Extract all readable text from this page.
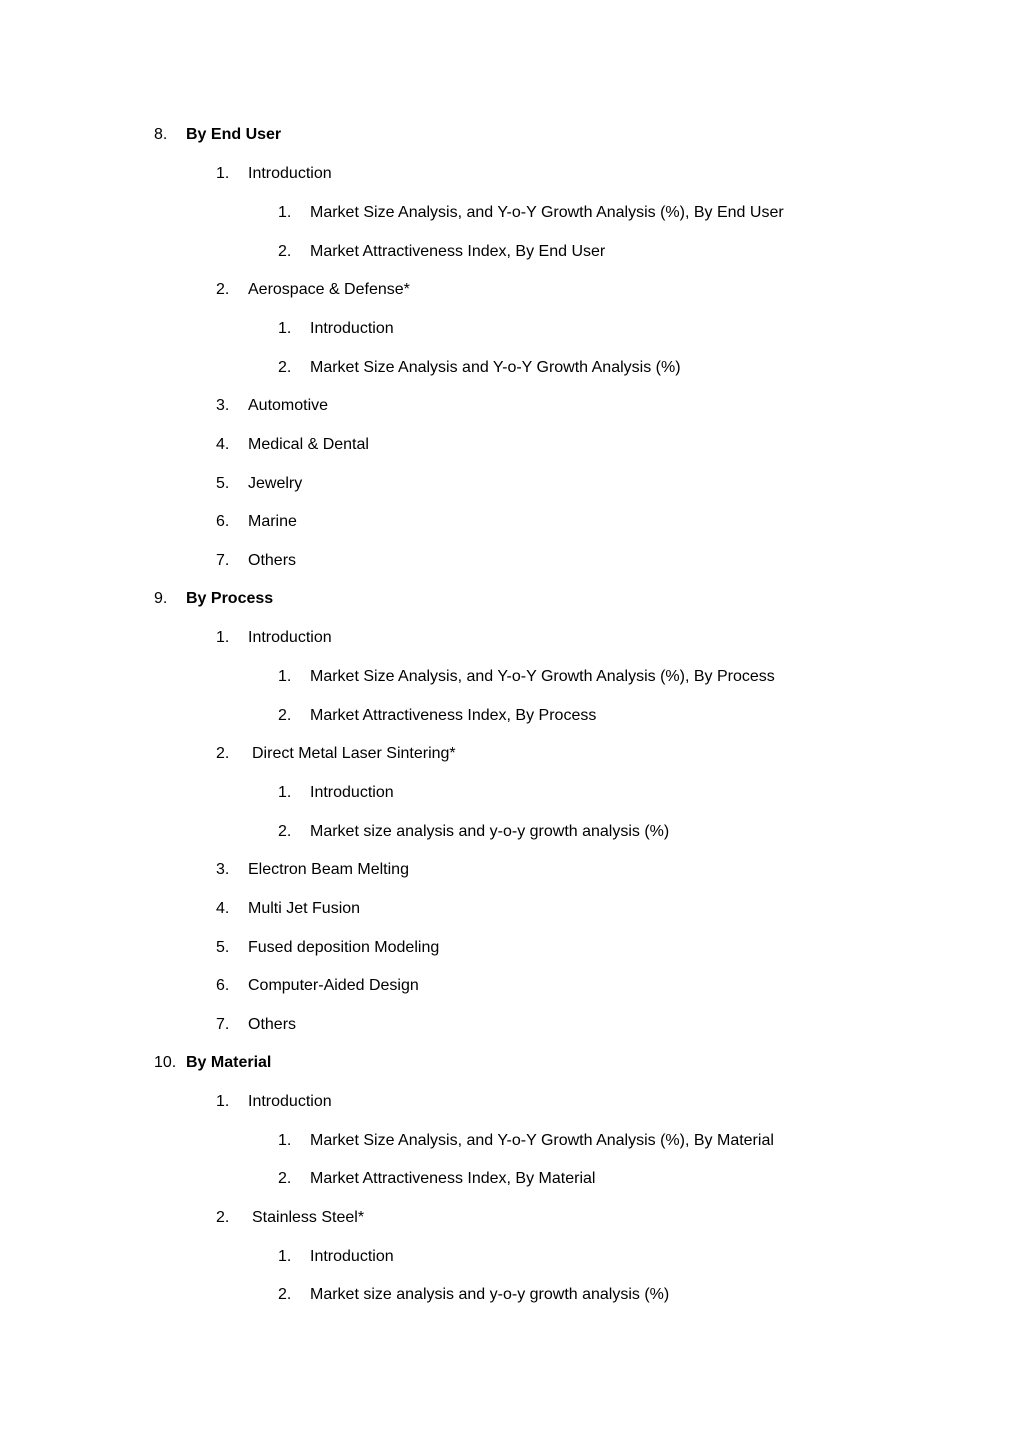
8. By End User
1. Introduction
1. Market Size Analysis, and Y-o-Y Growth Analysis (%), By End User
2. Market Attractiveness Index, By End User
2. Aerospace & Defense*
1. Introduction
2. Market Size Analysis and Y-o-Y Growth Analysis (%)
3. Automotive
4. Medical & Dental
5. Jewelry
6. Marine
7. Others
9. By Process
1. Introduction
1. Market Size Analysis, and Y-o-Y Growth Analysis (%), By Process
2. Market Attractiveness Index, By Process
2. Direct Metal Laser Sintering*
1. Introduction
2. Market size analysis and y-o-y growth analysis (%)
3. Electron Beam Melting
4. Multi Jet Fusion
5. Fused deposition Modeling
6. Computer-Aided Design
7. Others
10. By Material
1. Introduction
1. Market Size Analysis, and Y-o-Y Growth Analysis (%), By Material
2. Market Attractiveness Index, By Material
2. Stainless Steel*
1. Introduction
2. Market size analysis and y-o-y growth analysis (%)
